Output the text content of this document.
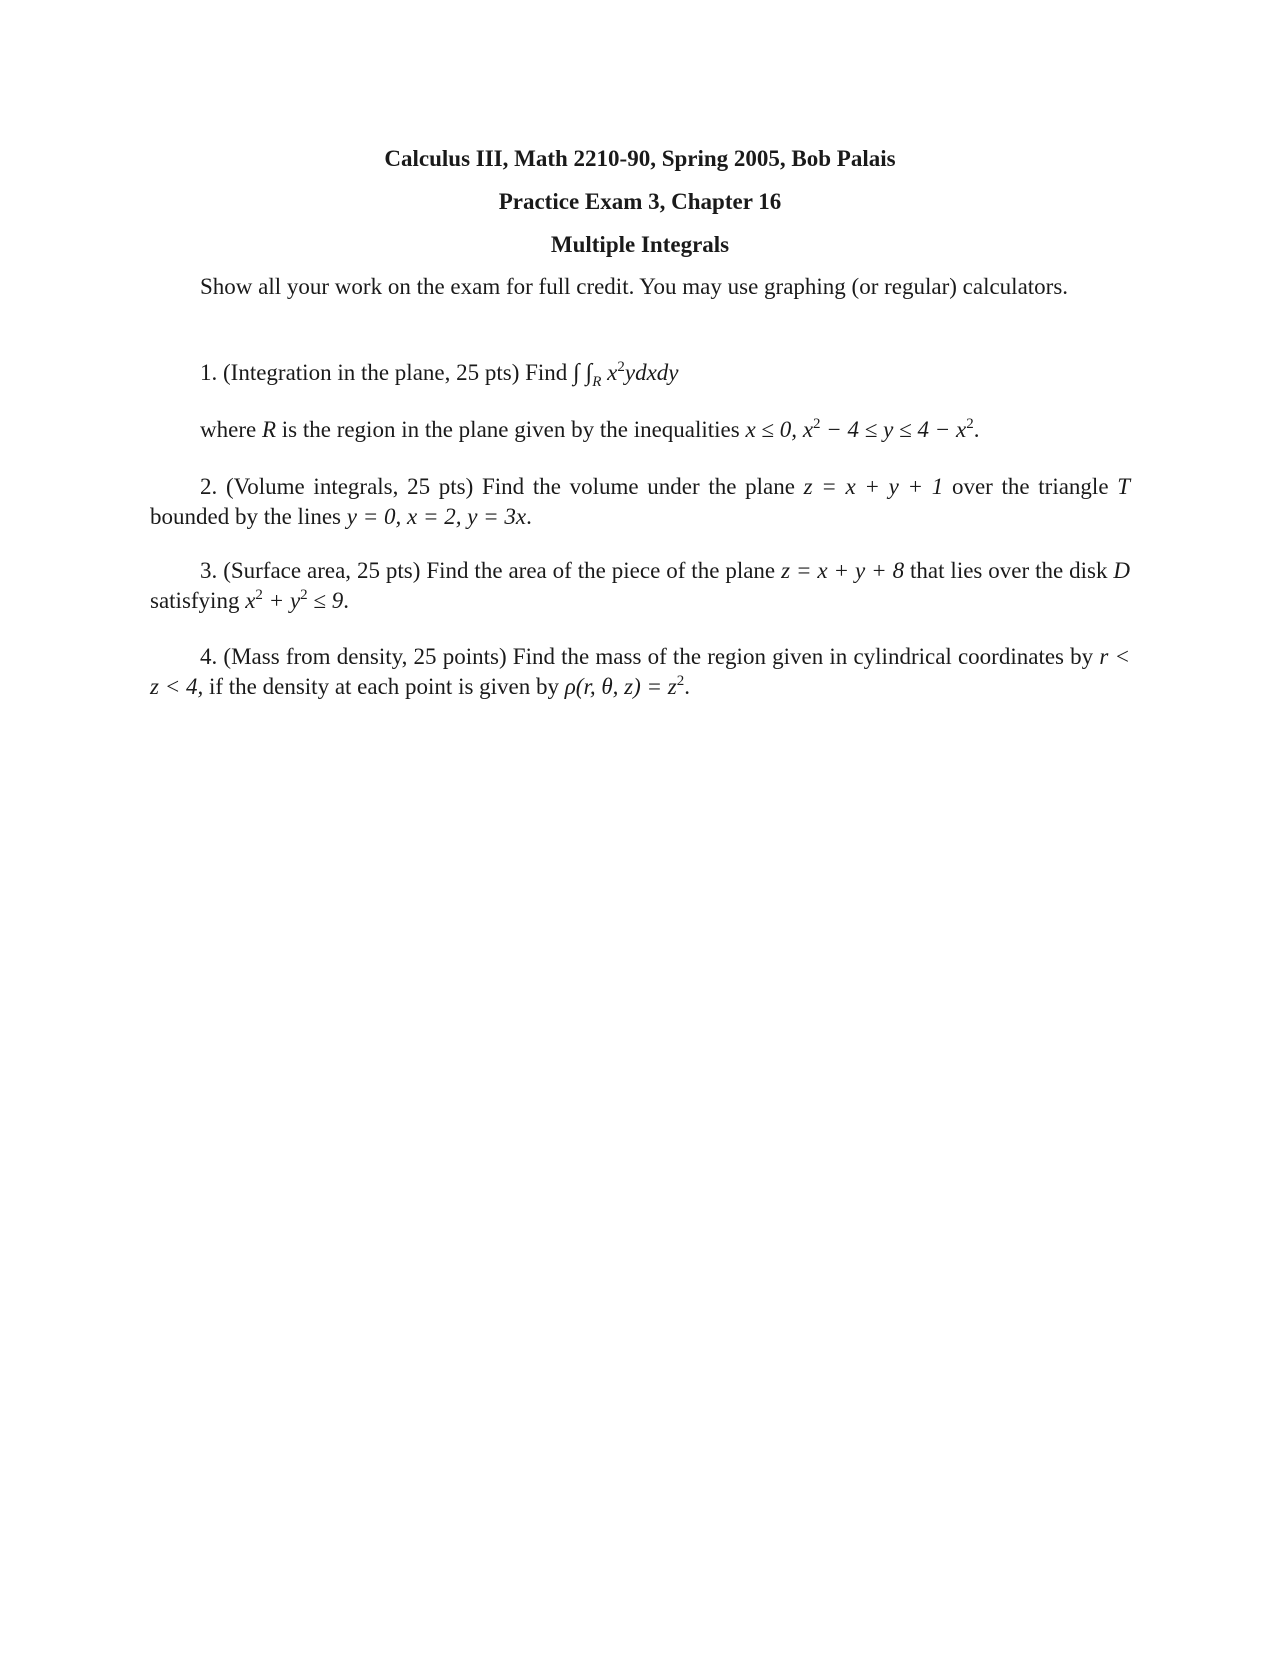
Calculus III, Math 2210-90, Spring 2005, Bob Palais
Practice Exam 3, Chapter 16
Multiple Integrals
Show all your work on the exam for full credit. You may use graphing (or regular) calculators.
1. (Integration in the plane, 25 pts) Find ∫ $\int_R$ $x^2ydxdy$
where R is the region in the plane given by the inequalities x ≤ 0, $x^2 - 4 \le y \le 4 - x^2$.
2. (Volume integrals, 25 pts) Find the volume under the plane z = x + y + 1 over the triangle T bounded by the lines y = 0, x = 2, y = 3x.
3. (Surface area, 25 pts) Find the area of the piece of the plane z = x + y + 8 that lies over the disk D satisfying $x^2 + y^2 \le 9$.
4. (Mass from density, 25 points) Find the mass of the region given in cylindrical coordinates by r < z < 4, if the density at each point is given by ρ(r, θ, $z) = z^2$.
